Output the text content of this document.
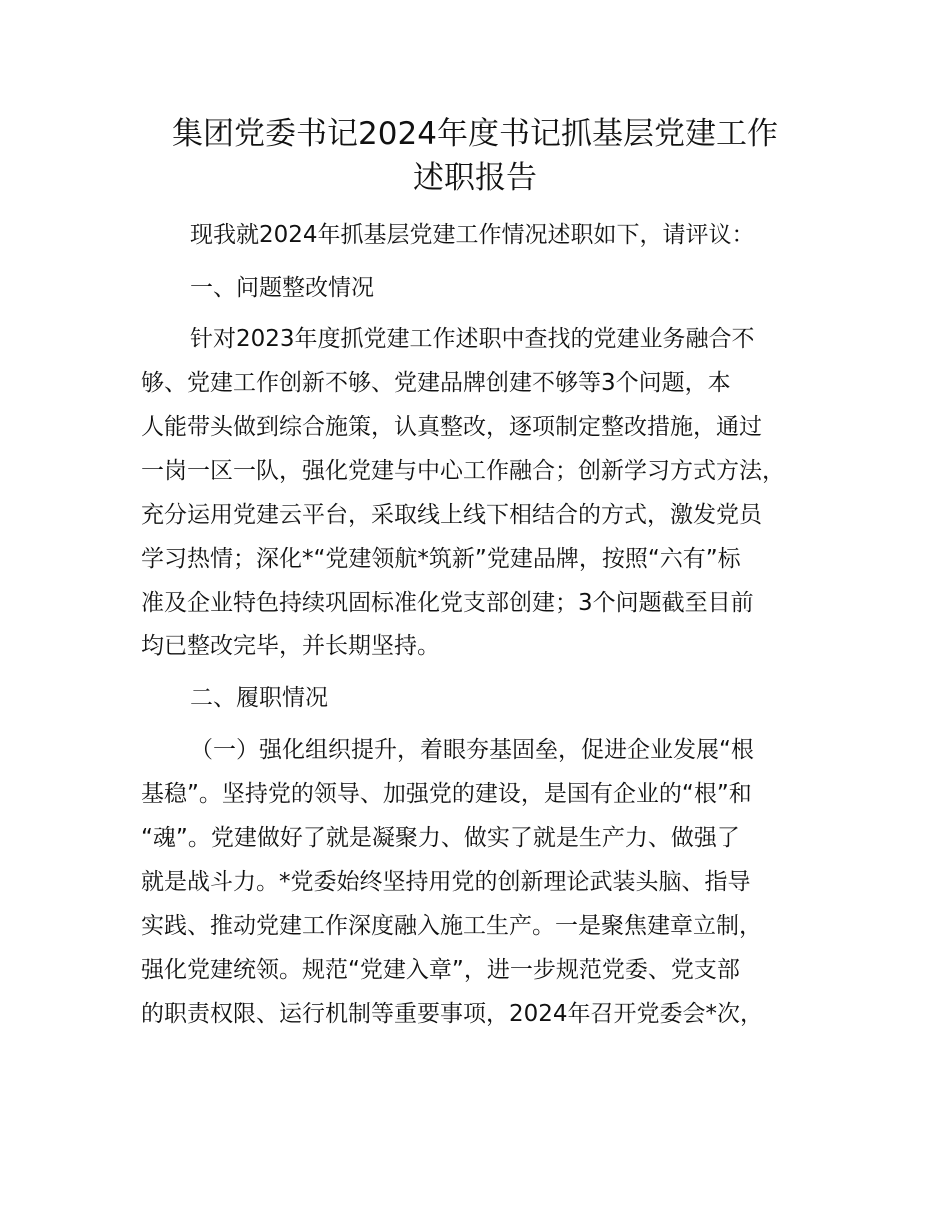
集团党委书记2024年度书记抓基层党建工作
述职报告

现我就2024年抓基层党建工作情况述职如下，请评议：

一、问题整改情况

针对2023年度抓党建工作述职中查找的党建业务融合不

够、党建工作创新不够、党建品牌创建不够等3个问题，本

人能带头做到综合施策，认真整改，逐项制定整改措施，通过

一岗一区一队，强化党建与中心工作融合；创新学习方式方法，

充分运用党建云平台，采取线上线下相结合的方式，激发党员

学习热情；深化*“党建领航*筑新”党建品牌，按照“六有”标

准及企业特色持续巩固标准化党支部创建；3个问题截至目前

均已整改完毕，并长期坚持。

二、履职情况

（一）强化组织提升，着眼夯基固垒，促进企业发展“根

基稳”。坚持党的领导、加强党的建设，是国有企业的“根”和

“魂”。党建做好了就是凝聚力、做实了就是生产力、做强了

就是战斗力。*党委始终坚持用党的创新理论武装头脑、指导

实践、推动党建工作深度融入施工生产。一是聚焦建章立制，

强化党建统领。规范“党建入章”，进一步规范党委、党支部

的职责权限、运行机制等重要事项，2024年召开党委会*次，
